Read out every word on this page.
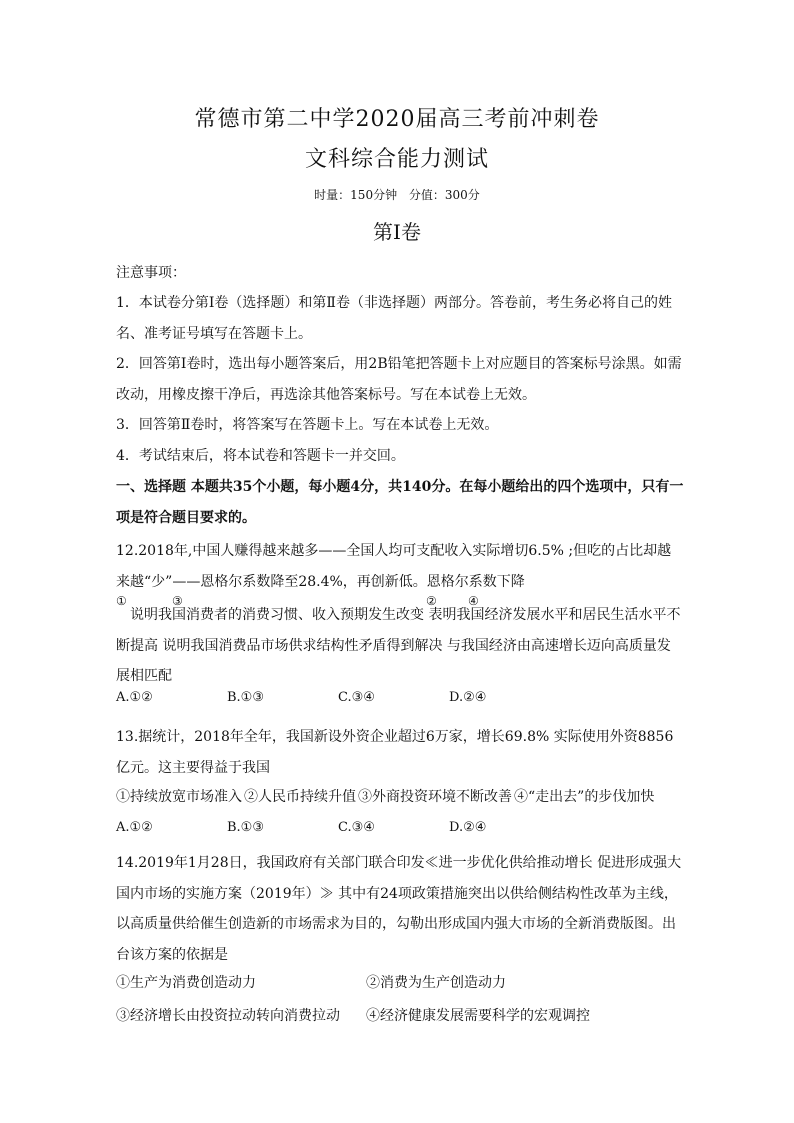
常德市第二中学2020届高三考前冲刺卷
文科综合能力测试
时量：150分钟 分值：300分
第Ⅰ卷
注意事项：
1．本试卷分第Ⅰ卷（选择题）和第Ⅱ卷（非选择题）两部分。答卷前，考生务必将自己的姓名、准考证号填写在答题卡上。
2．回答第Ⅰ卷时，选出每小题答案后，用2B铅笔把答题卡上对应题目的答案标号涂黑。如需改动，用橡皮擦干净后，再选涂其他答案标号。写在本试卷上无效。
3．回答第Ⅱ卷时，将答案写在答题卡上。写在本试卷上无效。
4．考试结束后，将本试卷和答题卡一并交回。
一、选择题 本题共35个小题，每小题4分，共140分。在每小题给出的四个选项中，只有一项是符合题目要求的。
12.2018年,中国人赚得越来越多——全国人均可支配收入实际增切6.5% ;但吃的占比却越来越“少”——恩格尔系数降至28.4%，再创新低。恩格尔系数下降
①	③	②	④
说明我国消费者的消费习惯、收入预期发生改变 表明我国经济发展水平和居民生活水平不断提高 说明我国消费品市场供求结构性矛盾得到解决 与我国经济由高速增长迈向高质量发展相匹配
A.①②	B.①③	C.③④	D.②④
13.据统计，2018年全年，我国新设外资企业超过6万家，增长69.8% 实际使用外资8856亿元。这主要得益于我国
①持续放宽市场准入 ②人民币持续升值 ③外商投资环境不断改善 ④“走出去”的步伐加快
A.①②	B.①③	C.③④	D.②④
14.2019年1月28日，我国政府有关部门联合印发≪进一步优化供给推动增长 促进形成强大国内市场的实施方案（2019年）≫ 其中有24项政策措施突出以供给侧结构性改革为主线，以高质量供给催生创造新的市场需求为目的，勾勒出形成国内强大市场的全新消费版图。出台该方案的依据是
①生产为消费创造动力	②消费为生产创造动力
③经济增长由投资拉动转向消费拉动 ④经济健康发展需要科学的宏观调控
